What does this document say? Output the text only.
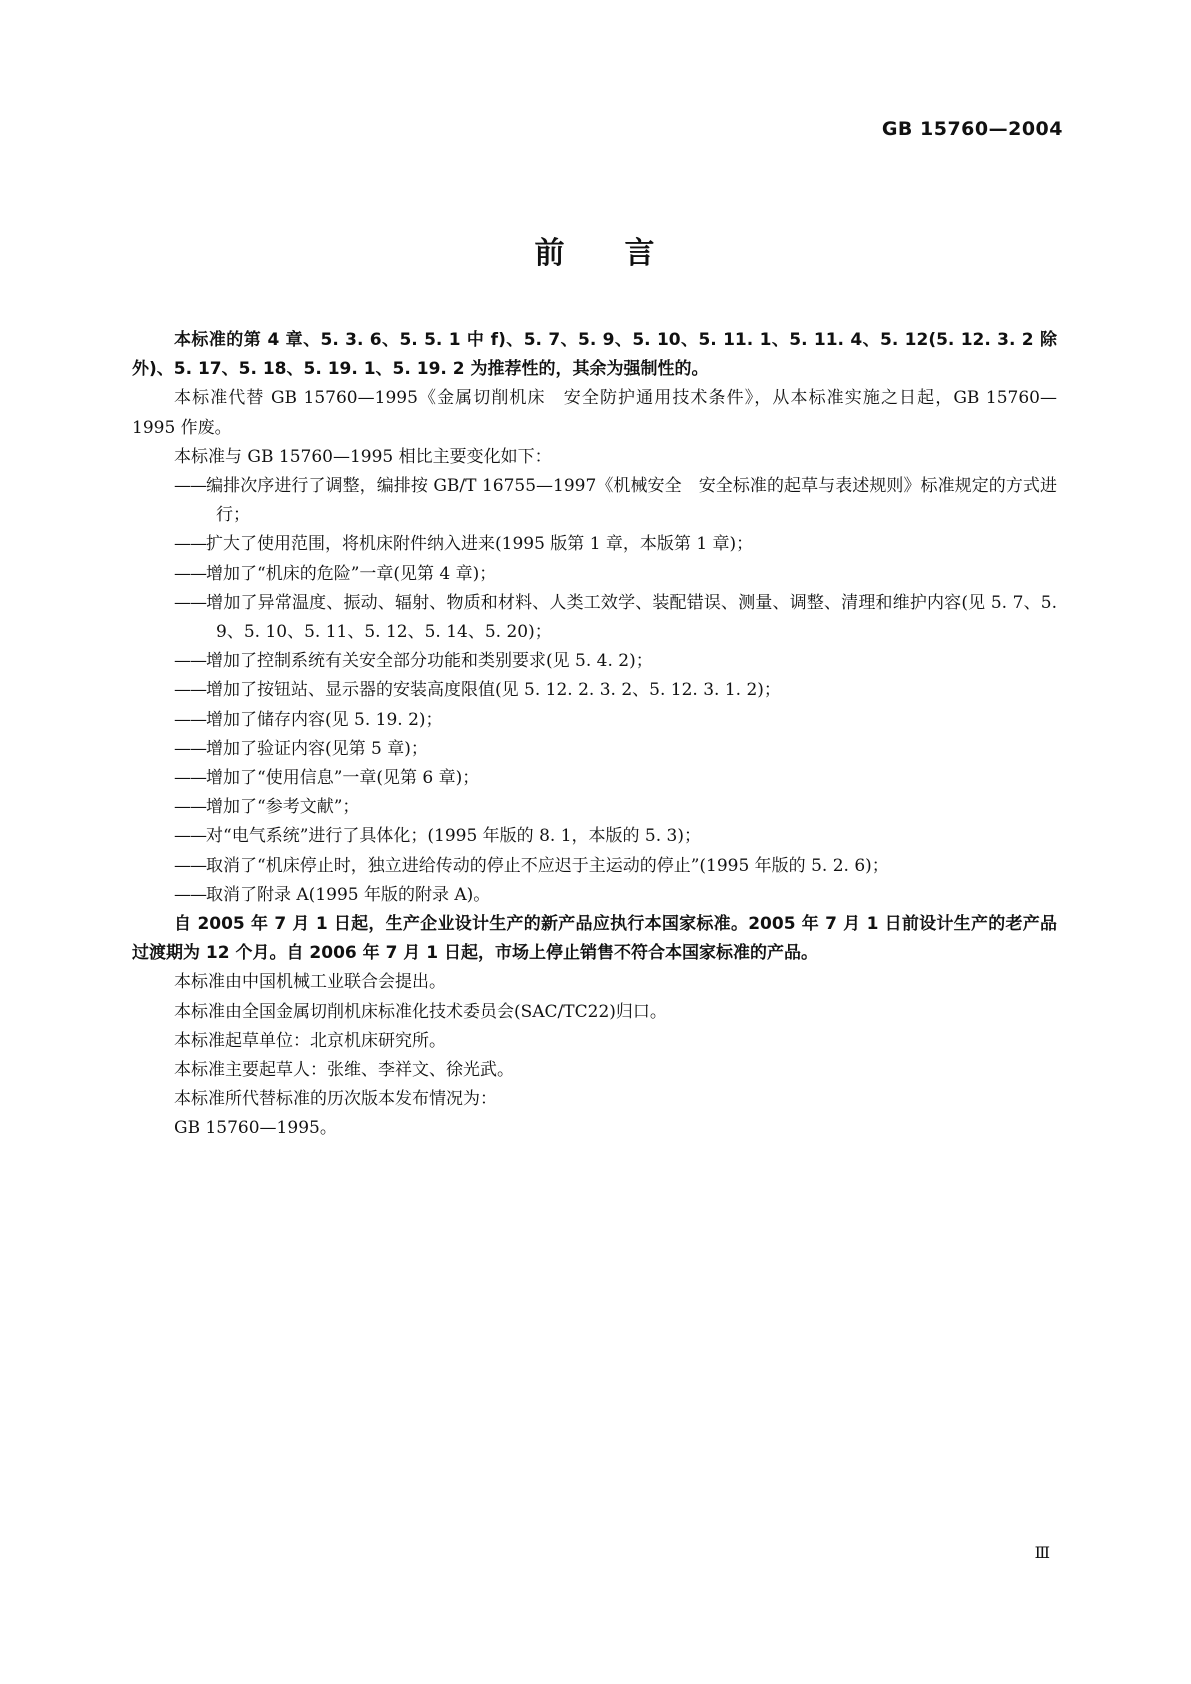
GB 15760—2004
前 言

本标准的第 4 章、5. 3. 6、5. 5. 1 中 f)、5. 7、5. 9、5. 10、5. 11. 1、5. 11. 4、5. 12(5. 12. 3. 2 除外)、5. 17、5. 18、5. 19. 1、5. 19. 2 为推荐性的，其余为强制性的。

本标准代替 GB 15760—1995《金属切削机床　安全防护通用技术条件》，从本标准实施之日起，GB 15760—1995 作废。

本标准与 GB 15760—1995 相比主要变化如下：

——编排次序进行了调整，编排按 GB/T 16755—1997《机械安全　安全标准的起草与表述规则》标准规定的方式进行；

——扩大了使用范围，将机床附件纳入进来(1995 版第 1 章，本版第 1 章)；

——增加了“机床的危险”一章(见第 4 章)；

——增加了异常温度、振动、辐射、物质和材料、人类工效学、装配错误、测量、调整、清理和维护内容(见 5. 7、5. 9、5. 10、5. 11、5. 12、5. 14、5. 20)；

——增加了控制系统有关安全部分功能和类别要求(见 5. 4. 2)；

——增加了按钮站、显示器的安装高度限值(见 5. 12. 2. 3. 2、5. 12. 3. 1. 2)；

——增加了储存内容(见 5. 19. 2)；

——增加了验证内容(见第 5 章)；

——增加了“使用信息”一章(见第 6 章)；

——增加了“参考文献”；

——对“电气系统”进行了具体化；(1995 年版的 8. 1，本版的 5. 3)；

——取消了“机床停止时，独立进给传动的停止不应迟于主运动的停止”(1995 年版的 5. 2. 6)；

——取消了附录 A(1995 年版的附录 A)。

自 2005 年 7 月 1 日起，生产企业设计生产的新产品应执行本国家标准。2005 年 7 月 1 日前设计生产的老产品过渡期为 12 个月。自 2006 年 7 月 1 日起，市场上停止销售不符合本国家标准的产品。

本标准由中国机械工业联合会提出。

本标准由全国金属切削机床标准化技术委员会(SAC/TC22)归口。

本标准起草单位：北京机床研究所。

本标准主要起草人：张维、李祥文、徐光武。

本标准所代替标准的历次版本发布情况为：

GB 15760—1995。

Ⅲ
